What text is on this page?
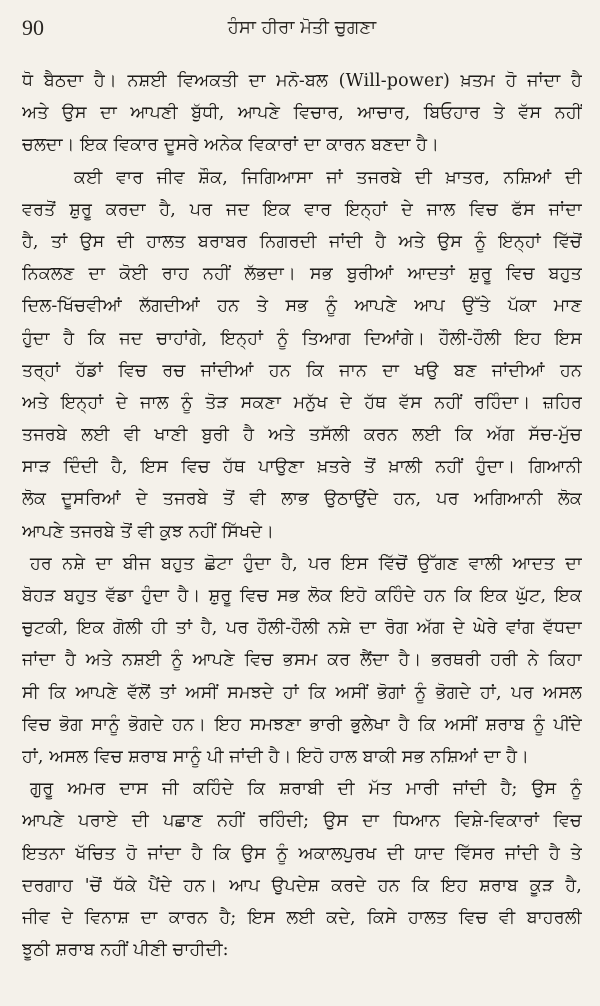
90	ਹੰਸਾ ਹੀਰਾ ਮੋਤੀ ਚੁਗਣਾ
ਧੋ ਬੈਠਦਾ ਹੈ। ਨਸ਼ਈ ਵਿਅਕਤੀ ਦਾ ਮਨੋ-ਬਲ (Will-power) ਖ਼ਤਮ ਹੋ ਜਾਂਦਾ ਹੈ
ਅਤੇ ਉਸ ਦਾ ਆਪਣੀ ਬੁੱਧੀ, ਆਪਣੇ ਵਿਚਾਰ, ਆਚਾਰ, ਬਿਓਹਾਰ ਤੇ ਵੱਸ ਨਹੀਂ
ਚਲਦਾ। ਇਕ ਵਿਕਾਰ ਦੂਸਰੇ ਅਨੇਕ ਵਿਕਾਰਾਂ ਦਾ ਕਾਰਨ ਬਣਦਾ ਹੈ।
ਕਈ ਵਾਰ ਜੀਵ ਸ਼ੌਕ, ਜਿਗਿਆਸਾ ਜਾਂ ਤਜਰਬੇ ਦੀ ਖ਼ਾਤਰ, ਨਸ਼ਿਆਂ ਦੀ
ਵਰਤੋਂ ਸ਼ੁਰੂ ਕਰਦਾ ਹੈ, ਪਰ ਜਦ ਇਕ ਵਾਰ ਇਨ੍ਹਾਂ ਦੇ ਜਾਲ ਵਿਚ ਫੱਸ ਜਾਂਦਾ
ਹੈ, ਤਾਂ ਉਸ ਦੀ ਹਾਲਤ ਬਰਾਬਰ ਨਿਗਰਦੀ ਜਾਂਦੀ ਹੈ ਅਤੇ ਉਸ ਨੂੰ ਇਨ੍ਹਾਂ ਵਿੱਚੋਂ
ਨਿਕਲਣ ਦਾ ਕੋਈ ਰਾਹ ਨਹੀਂ ਲੱਭਦਾ। ਸਭ ਬੁਰੀਆਂ ਆਦਤਾਂ ਸ਼ੁਰੂ ਵਿਚ ਬਹੁਤ
ਦਿਲ-ਖਿੱਚਵੀਆਂ ਲੱਗਦੀਆਂ ਹਨ ਤੇ ਸਭ ਨੂੰ ਆਪਣੇ ਆਪ ਉੱਤੇ ਪੱਕਾ ਮਾਣ
ਹੁੰਦਾ ਹੈ ਕਿ ਜਦ ਚਾਹਾਂਗੇ, ਇਨ੍ਹਾਂ ਨੂੰ ਤਿਆਗ ਦਿਆਂਗੇ। ਹੌਲੀ-ਹੌਲੀ ਇਹ ਇਸ
ਤਰ੍ਹਾਂ ਹੱਡਾਂ ਵਿਚ ਰਚ ਜਾਂਦੀਆਂ ਹਨ ਕਿ ਜਾਨ ਦਾ ਖਉ ਬਣ ਜਾਂਦੀਆਂ ਹਨ
ਅਤੇ ਇਨ੍ਹਾਂ ਦੇ ਜਾਲ ਨੂੰ ਤੋੜ ਸਕਣਾ ਮਨੁੱਖ ਦੇ ਹੱਥ ਵੱਸ ਨਹੀਂ ਰਹਿੰਦਾ। ਜ਼ਹਿਰ
ਤਜਰਬੇ ਲਈ ਵੀ ਖਾਣੀ ਬੁਰੀ ਹੈ ਅਤੇ ਤਸੱਲੀ ਕਰਨ ਲਈ ਕਿ ਅੱਗ ਸੱਚ-ਮੁੱਚ
ਸਾੜ ਦਿੰਦੀ ਹੈ, ਇਸ ਵਿਚ ਹੱਥ ਪਾਉਣਾ ਖ਼ਤਰੇ ਤੋਂ ਖ਼ਾਲੀ ਨਹੀਂ ਹੁੰਦਾ। ਗਿਆਨੀ
ਲੋਕ ਦੂਸਰਿਆਂ ਦੇ ਤਜਰਬੇ ਤੋਂ ਵੀ ਲਾਭ ਉਠਾਉਂਦੇ ਹਨ, ਪਰ ਅਗਿਆਨੀ ਲੋਕ
ਆਪਣੇ ਤਜਰਬੇ ਤੋਂ ਵੀ ਕੁਝ ਨਹੀਂ ਸਿੱਖਦੇ।
ਹਰ ਨਸ਼ੇ ਦਾ ਬੀਜ ਬਹੁਤ ਛੋਟਾ ਹੁੰਦਾ ਹੈ, ਪਰ ਇਸ ਵਿੱਚੋਂ ਉੱਗਣ ਵਾਲੀ ਆਦਤ ਦਾ
ਬੋਹੜ ਬਹੁਤ ਵੱਡਾ ਹੁੰਦਾ ਹੈ। ਸ਼ੁਰੂ ਵਿਚ ਸਭ ਲੋਕ ਇਹੋ ਕਹਿੰਦੇ ਹਨ ਕਿ ਇਕ ਘੁੱਟ, ਇਕ
ਚੁਟਕੀ, ਇਕ ਗੋਲੀ ਹੀ ਤਾਂ ਹੈ, ਪਰ ਹੌਲੀ-ਹੌਲੀ ਨਸ਼ੇ ਦਾ ਰੋਗ ਅੱਗ ਦੇ ਘੇਰੇ ਵਾਂਗ ਵੱਧਦਾ
ਜਾਂਦਾ ਹੈ ਅਤੇ ਨਸ਼ਈ ਨੂੰ ਆਪਣੇ ਵਿਚ ਭਸਮ ਕਰ ਲੈਂਦਾ ਹੈ। ਭਰਥਰੀ ਹਰੀ ਨੇ ਕਿਹਾ
ਸੀ ਕਿ ਆਪਣੇ ਵੱਲੋਂ ਤਾਂ ਅਸੀਂ ਸਮਝਦੇ ਹਾਂ ਕਿ ਅਸੀਂ ਭੋਗਾਂ ਨੂੰ ਭੋਗਦੇ ਹਾਂ, ਪਰ ਅਸਲ
ਵਿਚ ਭੋਗ ਸਾਨੂੰ ਭੋਗਦੇ ਹਨ। ਇਹ ਸਮਝਣਾ ਭਾਰੀ ਭੁਲੇਖਾ ਹੈ ਕਿ ਅਸੀਂ ਸ਼ਰਾਬ ਨੂੰ ਪੀਂਦੇ
ਹਾਂ, ਅਸਲ ਵਿਚ ਸ਼ਰਾਬ ਸਾਨੂੰ ਪੀ ਜਾਂਦੀ ਹੈ। ਇਹੋ ਹਾਲ ਬਾਕੀ ਸਭ ਨਸ਼ਿਆਂ ਦਾ ਹੈ।
ਗੁਰੂ ਅਮਰ ਦਾਸ ਜੀ ਕਹਿੰਦੇ ਕਿ ਸ਼ਰਾਬੀ ਦੀ ਮੱਤ ਮਾਰੀ ਜਾਂਦੀ ਹੈ; ਉਸ ਨੂੰ
ਆਪਣੇ ਪਰਾਏ ਦੀ ਪਛਾਣ ਨਹੀਂ ਰਹਿੰਦੀ; ਉਸ ਦਾ ਧਿਆਨ ਵਿਸ਼ੇ-ਵਿਕਾਰਾਂ ਵਿਚ
ਇਤਨਾ ਖੱਚਿਤ ਹੋ ਜਾਂਦਾ ਹੈ ਕਿ ਉਸ ਨੂੰ ਅਕਾਲਪੁਰਖ ਦੀ ਯਾਦ ਵਿੱਸਰ ਜਾਂਦੀ ਹੈ ਤੇ
ਦਰਗਾਹ 'ਚੋਂ ਧੱਕੇ ਪੈਂਦੇ ਹਨ। ਆਪ ਉਪਦੇਸ਼ ਕਰਦੇ ਹਨ ਕਿ ਇਹ ਸ਼ਰਾਬ ਕੂੜ ਹੈ,
ਜੀਵ ਦੇ ਵਿਨਾਸ਼ ਦਾ ਕਾਰਨ ਹੈ; ਇਸ ਲਈ ਕਦੇ, ਕਿਸੇ ਹਾਲਤ ਵਿਚ ਵੀ ਬਾਹਰਲੀ
ਝੂਠੀ ਸ਼ਰਾਬ ਨਹੀਂ ਪੀਣੀ ਚਾਹੀਦੀ:
